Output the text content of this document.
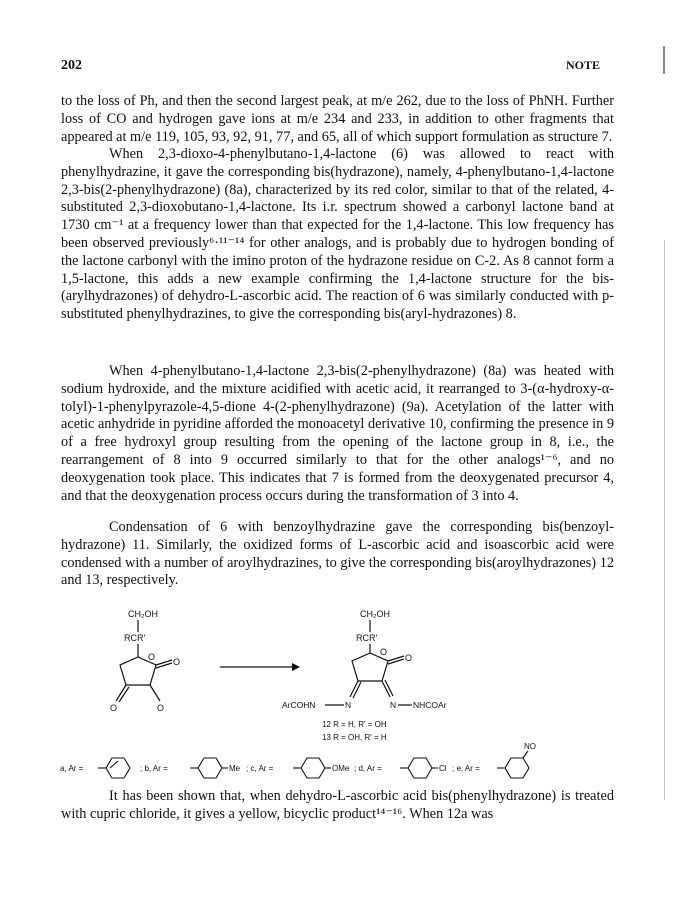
202	NOTE

to the loss of Ph, and then the second largest peak, at m/e 262, due to the loss of PhNH. Further loss of CO and hydrogen gave ions at m/e 234 and 233, in addition to other fragments that appeared at m/e 119, 105, 93, 92, 91, 77, and 65, all of which support formulation as structure 7.

When 2,3-dioxo-4-phenylbutano-1,4-lactone (6) was allowed to react with phenylhydrazine, it gave the corresponding bis(hydrazone), namely, 4-phenylbutano-1,4-lactone 2,3-bis(2-phenylhydrazone) (8a), characterized by its red color, similar to that of the related, 4-substituted 2,3-dioxobutano-1,4-lactone. Its i.r. spectrum showed a carbonyl lactone band at 1730 cm⁻¹ at a frequency lower than that expected for the 1,4-lactone. This low frequency has been observed previously⁶·¹¹⁻¹⁴ for other analogs, and is probably due to hydrogen bonding of the lactone carbonyl with the imino proton of the hydrazone residue on C-2. As 8 cannot form a 1,5-lactone, this adds a new example confirming the 1,4-lactone structure for the bis-(arylhydrazones) of dehydro-L-ascorbic acid. The reaction of 6 was similarly conducted with p-substituted phenylhydrazines, to give the corresponding bis(aryl-hydrazones) 8.

When 4-phenylbutano-1,4-lactone 2,3-bis(2-phenylhydrazone) (8a) was heated with sodium hydroxide, and the mixture acidified with acetic acid, it rearranged to 3-(α-hydroxy-α-tolyl)-1-phenylpyrazole-4,5-dione 4-(2-phenylhydrazone) (9a). Acetylation of the latter with acetic anhydride in pyridine afforded the monoacetyl derivative 10, confirming the presence in 9 of a free hydroxyl group resulting from the opening of the lactone group in 8, i.e., the rearrangement of 8 into 9 occurred similarly to that for the other analogs¹⁻⁶, and no deoxygenation took place. This indicates that 7 is formed from the deoxygenated precursor 4, and that the deoxygenation process occurs during the transformation of 3 into 4.

Condensation of 6 with benzoylhydrazine gave the corresponding bis(benzoyl-hydrazone) 11. Similarly, the oxidized forms of L-ascorbic acid and isoascorbic acid were condensed with a number of aroylhydrazines, to give the corresponding bis(aroylhydrazones) 12 and 13, respectively.

CH₂OH
RCR'
O O
O	O
CH₂OH
RCR'
O
O
ArCOHN	N	N NHCOAr
12 R = H, R' = OH
13 R = OH, R' = H
a, Ar =	; b, Ar =	Me ; c, Ar =	OMe ; d, Ar =	Cl ; e, Ar =
NO

It has been shown that, when dehydro-L-ascorbic acid bis(phenylhydrazone) is treated with cupric chloride, it gives a yellow, bicyclic product¹⁴⁻¹⁶. When 12a was
